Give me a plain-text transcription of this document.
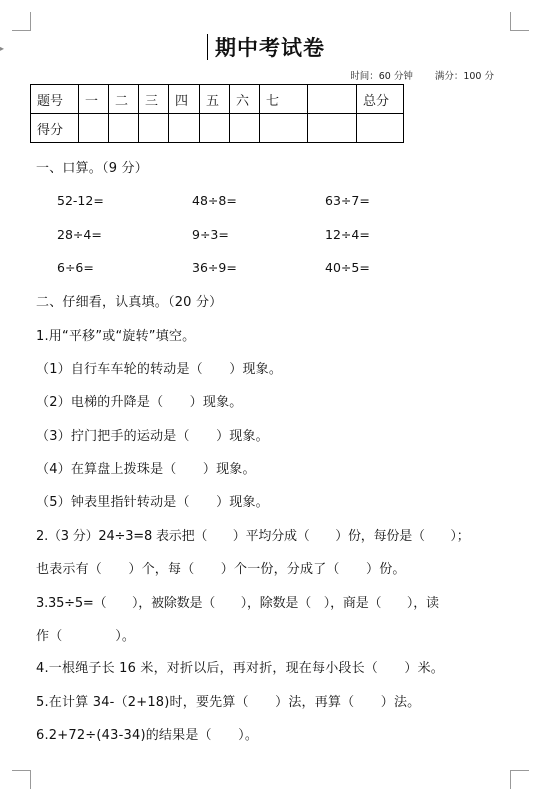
▸	期中考试卷
时间：60 分钟 满分：100 分
题号	一	二	三	四	五	六	七		总分
得分									
一、口算。（9 分）
52-12=	48÷8=	63÷7=
28÷4=	9÷3=	12÷4=
6÷6=	36÷9=	40÷5=
二、仔细看，认真填。（20 分）
1.用“平移”或“旋转”填空。
（1）自行车车轮的转动是（　　）现象。
（2）电梯的升降是（　　）现象。
（3）拧门把手的运动是（　　）现象。
（4）在算盘上拨珠是（　　）现象。
（5）钟表里指针转动是（　　）现象。
2.（3 分）24÷3=8 表示把（　　）平均分成（　　）份，每份是（　　）；
也表示有（　　）个，每（　　）个一份，分成了（　　）份。
3.35÷5=（　　），被除数是（　　），除数是（　），商是（　　），读
作（　　　　）。
4.一根绳子长 16 米，对折以后，再对折，现在每小段长（　　）米。
5.在计算 34-（2+18)时，要先算（　　）法，再算（　　）法。
6.2+72÷(43-34)的结果是（　　）。
